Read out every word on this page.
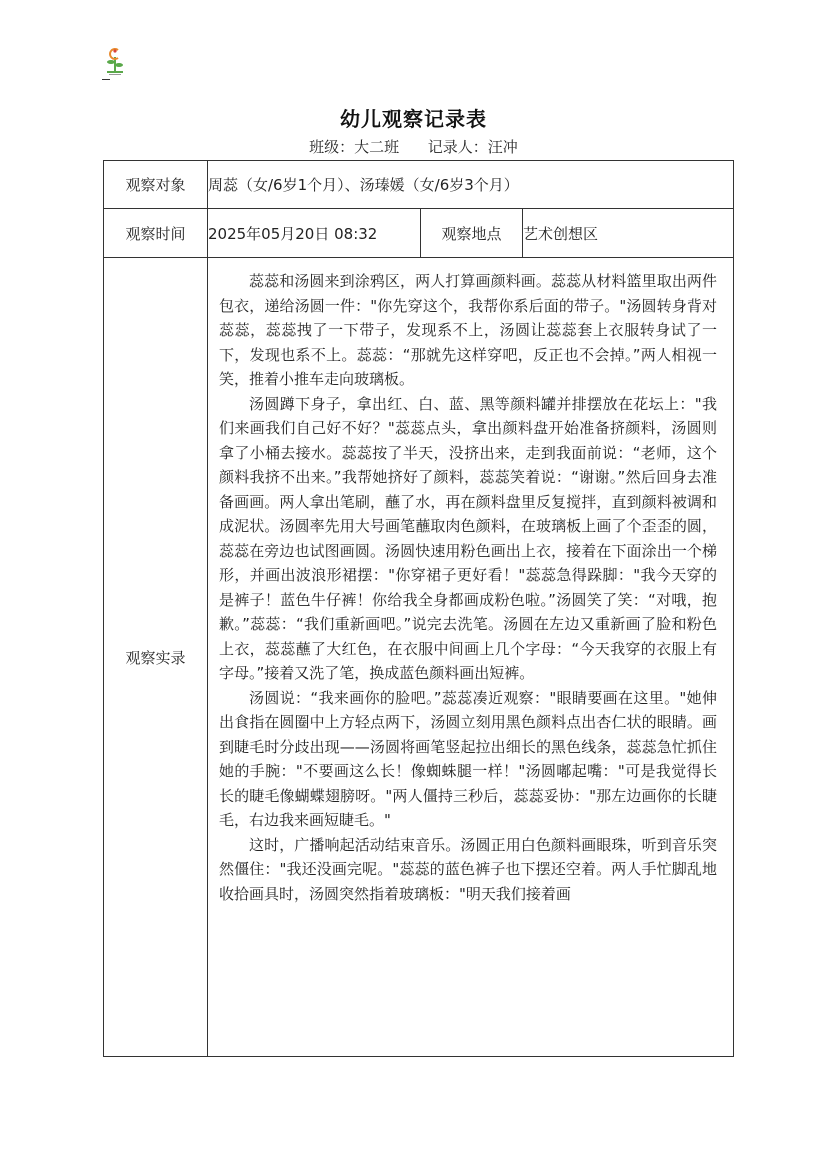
幼儿观察记录表
班级：大二班 记录人：汪冲
观察对象	周蕊（女/6岁1个月）、汤瑧媛（女/6岁3个月）		
观察时间	2025年05月20日 08:32	观察地点	艺术创想区
观察实录	蕊蕊和汤圆来到涂鸦区，两人打算画颜料画。蕊蕊从材料篮里取出两件包衣，递给汤圆一件："你先穿这个，我帮你系后面的带子。"汤圆转身背对蕊蕊，蕊蕊拽了一下带子，发现系不上，汤圆让蕊蕊套上衣服转身试了一下，发现也系不上。蕊蕊：“那就先这样穿吧，反正也不会掉。”两人相视一笑，推着小推车走向玻璃板。

汤圆蹲下身子，拿出红、白、蓝、黑等颜料罐并排摆放在花坛上："我们来画我们自己好不好？"蕊蕊点头，拿出颜料盘开始准备挤颜料，汤圆则拿了小桶去接水。蕊蕊按了半天，没挤出来，走到我面前说：“老师，这个颜料我挤不出来。”我帮她挤好了颜料，蕊蕊笑着说：“谢谢。”然后回身去准备画画。两人拿出笔刷，蘸了水，再在颜料盘里反复搅拌，直到颜料被调和成泥状。汤圆率先用大号画笔蘸取肉色颜料，在玻璃板上画了个歪歪的圆，蕊蕊在旁边也试图画圆。汤圆快速用粉色画出上衣，接着在下面涂出一个梯形，并画出波浪形裙摆："你穿裙子更好看！"蕊蕊急得跺脚："我今天穿的是裤子！蓝色牛仔裤！你给我全身都画成粉色啦。”汤圆笑了笑：“对哦，抱歉。”蕊蕊：“我们重新画吧。”说完去洗笔。汤圆在左边又重新画了脸和粉色上衣，蕊蕊蘸了大红色，在衣服中间画上几个字母：“今天我穿的衣服上有字母。”接着又洗了笔，换成蓝色颜料画出短裤。

汤圆说：“我来画你的脸吧。”蕊蕊凑近观察："眼睛要画在这里。"她伸出食指在圆圈中上方轻点两下，汤圆立刻用黑色颜料点出杏仁状的眼睛。画到睫毛时分歧出现——汤圆将画笔竖起拉出细长的黑色线条，蕊蕊急忙抓住她的手腕："不要画这么长！像蜘蛛腿一样！"汤圆嘟起嘴："可是我觉得长长的睫毛像蝴蝶翅膀呀。"两人僵持三秒后，蕊蕊妥协："那左边画你的长睫毛，右边我来画短睫毛。"

这时，广播响起活动结束音乐。汤圆正用白色颜料画眼珠，听到音乐突然僵住："我还没画完呢。"蕊蕊的蓝色裤子也下摆还空着。两人手忙脚乱地收拾画具时，汤圆突然指着玻璃板："明天我们接着画		
